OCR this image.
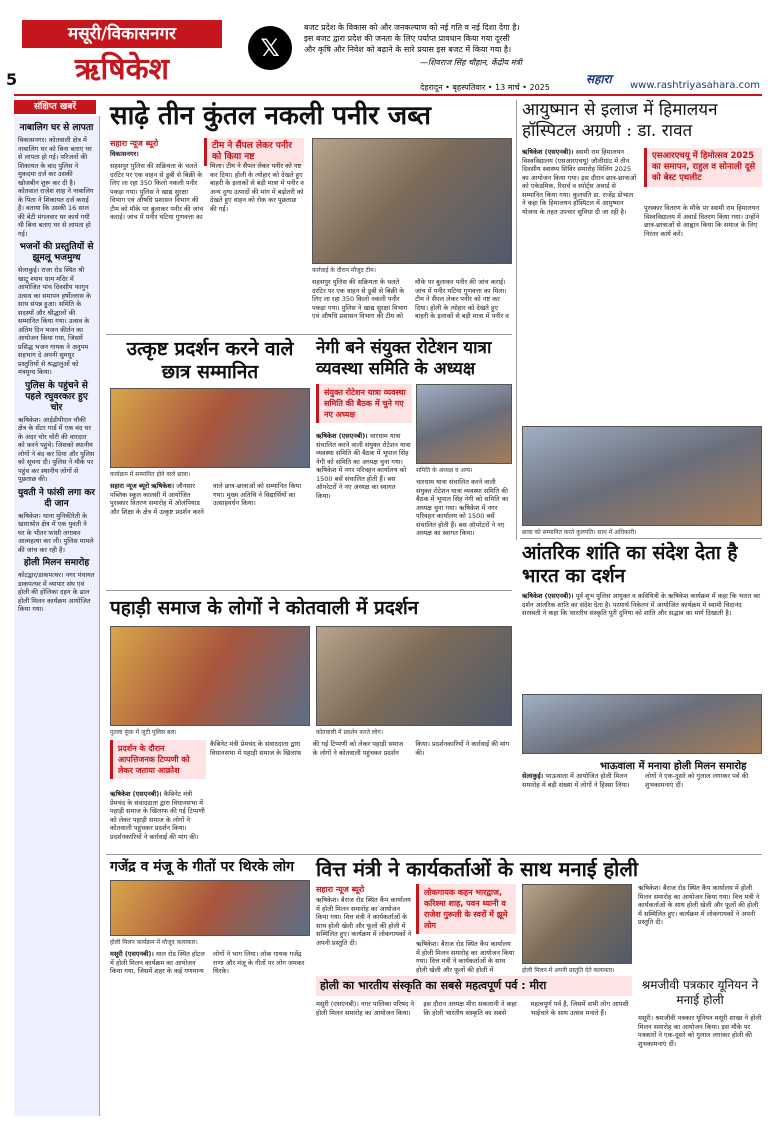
मसूरी/विकासनगर
ऋषिकेश
5
𝕏
बजट प्रदेश के विकास को और जनकल्याण को नई गति व नई दिशा देगा है। इस बजट द्वारा प्रदेश की जनता के लिए पर्याप्त प्रावधान किया गया दूरसी और कृषि और निवेश को बढ़ाने के सारे प्रयास इस बजट में किया गया है।
—शिवराज सिंह चौहान, केंद्रीय मंत्री
सहारा
देहरादून • बृहस्पतिवार • 13 मार्च • 2025	www.rashtriyasahara.com
संक्षिप्त खबरें
नाबालिग घर से लापता
विकासनगर। कोतवाली क्षेत्र में नाबालिग घर को बिना बताए घर से लापता हो गई। परिजनों की शिकायत के बाद पुलिस ने मुकदमा दर्ज कर उसकी खोजबीन शुरू कर दी है। कोतवाल राजेश साह ने नाबालिग के पिता ने शिकायत दर्ज कराई है। बताया कि उसकी 16 साल की बेटी मंगलवार घर कार्य गयी थी बिना बताए घर से लापता हो गई।
भजनों की प्रस्तुतियों से झूमलू भजमुग्ध
सेलाकुई। राजा रोड स्थित श्री खाटू श्याम धाम मंदिर में आयोजित पांच दिवसीय फागुन उत्सव का समापन हर्षोल्लास के साथ संपन्न हुआ। समिति के सदस्यों और श्रीद्धालों की सम्मानित किया गया। उत्सव के अंतिम दिन भजन कीर्तन का आयोजन किया गया, जिसमें प्रसिद्ध भजन गायक ने अनुपम सहभाग दे अपनी सुमधुर प्रस्तुतियों से श्रद्धालुओं को मंत्रमुग्ध किया।
पुलिस के पहुंचने से पहले रघुवरकार हुए चोर
ऋषिकेश। आईडीपीएल चौकी क्षेत्र के सेंटर गार्ड में एक बंद घर के अंदर चोर चोरी की वारदात को करने पहुंचे। जिसको स्थानीय लोगों ने बंद कर दिया और पुलिस को सूचना दी। पुलिस ने मौके पर पहुंच कर स्थानीय लोगों से पूछताछ की।
युवती ने फांसी लगा कर दी जान
ऋषिकेश। थाना मुनिकीरेती के खाराश्रोत क्षेत्र में एक युवती ने घर के भीतर फांसी लगाकर आत्महत्या कर ली। पुलिस मामले की जांच कर रही है।
होली मिलन समारोह
कोटद्वार/डाकपत्थर। नगर पंचायत डाकपत्थर में व्यापार संघ एवं होली की होलिका दहन के ढाल होली मिलन कार्यक्रम आयोजित किया गया।
साढ़े तीन कुंतल नकली पनीर जब्त
सहारा न्यूज ब्यूरो
विकासनगर।
टीम ने सैंपल लेकर पनीर को किया नष्ट
सहसपुर पुलिस की सक्रियता के चलते दरटिर पर एक वाहन से डूबी से बिक्री के लिए ला रहा 350 किलो नकली पनीर पकड़ा गया। पुलिस ने खाद्य सुरक्षा विभाग एवं औषधि प्रशासन विभाग की टीम को मौके पर बुलाकर पनीर की जांच कराई। जांच में पनीर घटिया गुणवत्ता का मिला। टीम ने सैंपल लेकर पनीर को नष्ट कर दिया। होली के त्योहार को देखते हुए बाहरी के इलाकों से बड़ी मात्रा में पनीर व अन्य दुग्ध उत्पादों की मांग में बढ़ोतरी को देखते हुए वाहन को रोक कर पूछताछ की गई।
कार्रवाई के दौरान मौजूद टीम।
सहसपुर पुलिस की सक्रियता के चलते दरटिर पर एक वाहन से डूबी से बिक्री के लिए ला रहा 350 किलो नकली पनीर पकड़ा गया। पुलिस ने खाद्य सुरक्षा विभाग एवं औषधि प्रशासन विभाग की टीम को मौके पर बुलाकर पनीर की जांच कराई। जांच में पनीर घटिया गुणवत्ता का मिला। टीम ने सैंपल लेकर पनीर को नष्ट कर दिया। होली के त्योहार को देखते हुए बाहरी के इलाकों से बड़ी मात्रा में पनीर व
आयुष्मान से इलाज में हिमालयन हॉस्पिटल अग्रणी : डा. रावत
ऋषिकेश (एसएनबी)। स्वामी राम हिमालयन विश्वविद्यालय (एसआरएचयू) जौलीग्रांट में तीन दिवसीय स्वास्थ्य शिविर समारोह मिलिंग 2025 का आयोजन किया गया। इस दौरान छात्र-छात्राओं को एकेडमिक, रिसर्च व स्पोर्ट्स अवार्ड से सम्मानित किया गया। कुलपति डा. राजेंद्र डोभाल ने कहा कि हिमालयन हॉस्पिटल में आयुष्मान योजना के तहत उपचार सुविधा दी जा रही है।
एसआरएचयू में हिमोत्सव 2025 का समापन, राहुल व सोनाली दूसे को बेस्ट एथलीट
पुरस्कार वितरण के मौके पर स्वामी राम हिमालयन विश्वविद्यालय में अवार्ड वितरण किया गया। उन्होंने छात्र-छात्राओं से आह्वान किया कि समाज के लिए निरंतर कार्य करें।
छात्रा को सम्मानित करते कुलपति। साथ में अधिकारी।
उत्कृष्ट प्रदर्शन करने वाले छात्र सम्मानित
कार्यक्रम में सम्मानित होने वाले छात्रा।
सहारा न्यूज ब्यूरो ऋषिकेश। जौनसार पब्लिक स्कूल कालसी में आयोजित पुरस्कार वितरण समारोह में ओलंपियाड और शिक्षा के क्षेत्र में उत्कृष्ट प्रदर्शन करने वाले छात्र-छात्राओं को सम्मानित किया गया। मुख्य अतिथि ने विद्यार्थियों का उत्साहवर्धन किया।
नेगी बने संयुक्त रोटेशन यात्रा व्यवस्था समिति के अध्यक्ष
संयुक्त रोटेशन यात्रा व्यवस्था समिति की बैठक में चुने गए नए अध्यक्ष
ऋषिकेश (एसएनबी)। चारधाम यात्रा संचालित करने वाली संयुक्त रोटेशन यात्रा व्यवस्था समिति की बैठक में भूपाल सिंह नेगी को समिति का अध्यक्ष चुना गया। ऋषिकेश में नगर परिवहन कार्यालय को 1500 बसें संचालित होती हैं। बस ऑपरेटरों ने नए अध्यक्ष का स्वागत किया।
समिति के अध्यक्ष व अन्य।
चारधाम यात्रा संचालित करने वाली संयुक्त रोटेशन यात्रा व्यवस्था समिति की बैठक में भूपाल सिंह नेगी को समिति का अध्यक्ष चुना गया। ऋषिकेश में नगर परिवहन कार्यालय को 1500 बसें संचालित होती हैं। बस ऑपरेटरों ने नए अध्यक्ष का स्वागत किया।
आंतरिक शांति का संदेश देता है भारत का दर्शन
ऋषिकेश (एसएनबी)। पूर्व शुभ पुलिस आयुक्त व कवियित्री के ऋषिकेश कार्यक्रम में कहा कि भारत का दर्शन आंतरिक शांति का संदेश देता है। परमार्थ निकेतन में आयोजित कार्यक्रम में स्वामी चिदानंद सरस्वती ने कहा कि भारतीय संस्कृति पूरी दुनिया को शांति और सद्भाव का मार्ग दिखाती है।
पहाड़ी समाज के लोगों ने कोतवाली में प्रदर्शन
पुतला फूंक में जुटी पुलिस बल।	कोतवाली में प्रदर्शन करते लोग।
प्रदर्शन के दौरान आपत्तिजनक टिप्पणी को लेकर जताया आक्रोश
ऋषिकेश (एसएनबी)। कैबिनेट मंत्री प्रेमचंद के संवाददाता द्वारा विधानसभा में पहाड़ी समाज के खिलाफ की गई टिप्पणी को लेकर पहाड़ी समाज के लोगों ने कोतवाली पहुंचकर प्रदर्शन किया। प्रदर्शनकारियों ने कार्रवाई की मांग की।
कैबिनेट मंत्री प्रेमचंद के संवाददाता द्वारा विधानसभा में पहाड़ी समाज के खिलाफ की गई टिप्पणी को लेकर पहाड़ी समाज के लोगों ने कोतवाली पहुंचकर प्रदर्शन किया। प्रदर्शनकारियों ने कार्रवाई की मांग की।
भाऊवाला में मनाया होली मिलन समारोह
सेलाकुई। भाऊवाला में आयोजित होली मिलन समारोह में बड़ी संख्या में लोगों ने हिस्सा लिया। लोगों ने एक-दूसरे को गुलाल लगाकर पर्व की शुभकामनाएं दीं।
गजेंद्र व मंजू के गीतों पर थिरके लोग
होली मिलन कार्यक्रम में मौजूद कलाकार।
मसूरी (एसएनबी)। माल रोड स्थित होटल में होली मिलन कार्यक्रम का आयोजन किया गया, जिसमें शहर के कई गणमान्य लोगों ने भाग लिया। लोक गायक गजेंद्र राणा और मंजू के गीतों पर लोग जमकर थिरके।
वित्त मंत्री ने कार्यकर्ताओं के साथ मनाई होली
सहारा न्यूज ब्यूरो
ऋषिकेश। बैराज रोड स्थित कैंप कार्यालय में होली मिलन समारोह का आयोजन किया गया। वित्त मंत्री ने कार्यकर्ताओं के साथ होली खेली और फूलों की होली में सम्मिलित हुए। कार्यक्रम में लोकगायकों ने अपनी प्रस्तुति दी।
लोकगायक कहन भारद्वाज, करिश्मा शाह, पवन ध्यानी व राजेश गुरूली के स्वरों में झूमे लोग
ऋषिकेश। बैराज रोड स्थित कैंप कार्यालय में होली मिलन समारोह का आयोजन किया गया। वित्त मंत्री ने कार्यकर्ताओं के साथ होली खेली और फूलों की होली में	होली मिलन में अपनी प्रस्तुति देते कलाकार।
ऋषिकेश। बैराज रोड स्थित कैंप कार्यालय में होली मिलन समारोह का आयोजन किया गया। वित्त मंत्री ने कार्यकर्ताओं के साथ होली खेली और फूलों की होली में सम्मिलित हुए। कार्यक्रम में लोकगायकों ने अपनी प्रस्तुति दी।
होली का भारतीय संस्कृति का सबसे महत्वपूर्ण पर्व : मीरा
मसूरी (एसएनबी)। नगर पालिका परिषद ने होली मिलन समारोह का आयोजन किया। इस दौरान अध्यक्ष मीरा सकलानी ने कहा कि होली भारतीय संस्कृति का सबसे महत्वपूर्ण पर्व है, जिसमें सभी लोग आपसी भाईचारे के साथ उत्सव मनाते हैं।
श्रमजीवी पत्रकार यूनियन ने मनाई होली
मसूरी। श्रमजीवी पत्रकार यूनियन मसूरी शाखा ने होली मिलन समारोह का आयोजन किया। इस मौके पर पत्रकारों ने एक-दूसरे को गुलाल लगाकर होली की शुभकामनाएं दीं।
